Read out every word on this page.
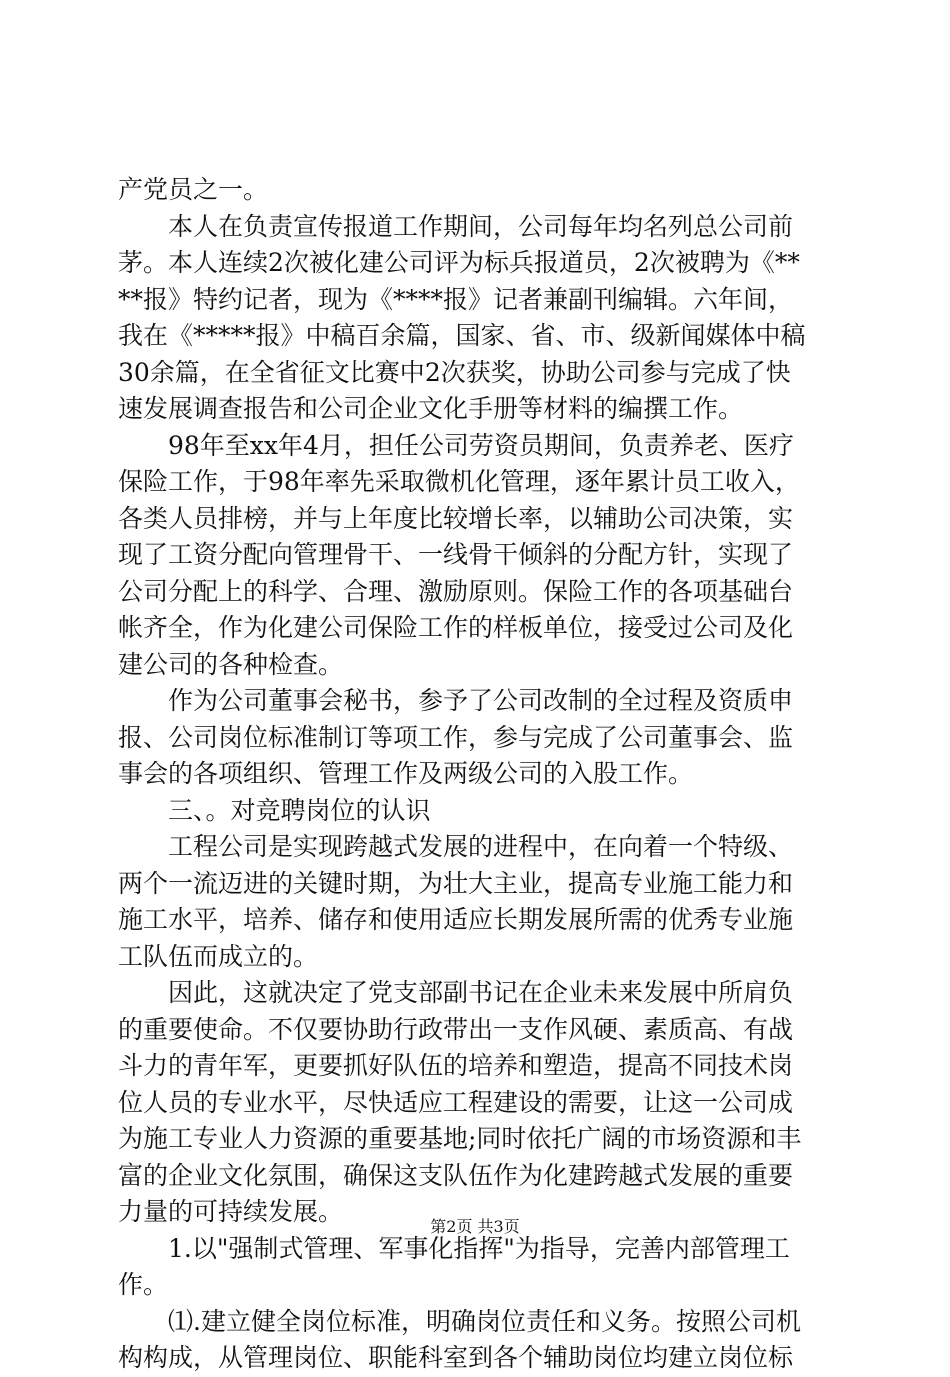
产党员之一。
　　本人在负责宣传报道工作期间，公司每年均名列总公司前
茅。本人连续2次被化建公司评为标兵报道员，2次被聘为《**
**报》特约记者，现为《****报》记者兼副刊编辑。六年间，
我在《*****报》中稿百余篇，国家、省、市、级新闻媒体中稿
30余篇，在全省征文比赛中2次获奖，协助公司参与完成了快
速发展调查报告和公司企业文化手册等材料的编撰工作。
　　98年至xx年4月，担任公司劳资员期间，负责养老、医疗
保险工作，于98年率先采取微机化管理，逐年累计员工收入，
各类人员排榜，并与上年度比较增长率，以辅助公司决策，实
现了工资分配向管理骨干、一线骨干倾斜的分配方针，实现了
公司分配上的科学、合理、激励原则。保险工作的各项基础台
帐齐全，作为化建公司保险工作的样板单位，接受过公司及化
建公司的各种检查。
　　作为公司董事会秘书，参予了公司改制的全过程及资质申
报、公司岗位标准制订等项工作，参与完成了公司董事会、监
事会的各项组织、管理工作及两级公司的入股工作。
　　三、。对竞聘岗位的认识
　　工程公司是实现跨越式发展的进程中，在向着一个特级、
两个一流迈进的关键时期，为壮大主业，提高专业施工能力和
施工水平，培养、储存和使用适应长期发展所需的优秀专业施
工队伍而成立的。
　　因此，这就决定了党支部副书记在企业未来发展中所肩负
的重要使命。不仅要协助行政带出一支作风硬、素质高、有战
斗力的青年军，更要抓好队伍的培养和塑造，提高不同技术岗
位人员的专业水平，尽快适应工程建设的需要，让这一公司成
为施工专业人力资源的重要基地;同时依托广阔的市场资源和丰
富的企业文化氛围，确保这支队伍作为化建跨越式发展的重要
力量的可持续发展。
　　1.以"强制式管理、军事化指挥"为指导，完善内部管理工
作。
　　⑴.建立健全岗位标准，明确岗位责任和义务。按照公司机
构构成，从管理岗位、职能科室到各个辅助岗位均建立岗位标
第2页 共3页
